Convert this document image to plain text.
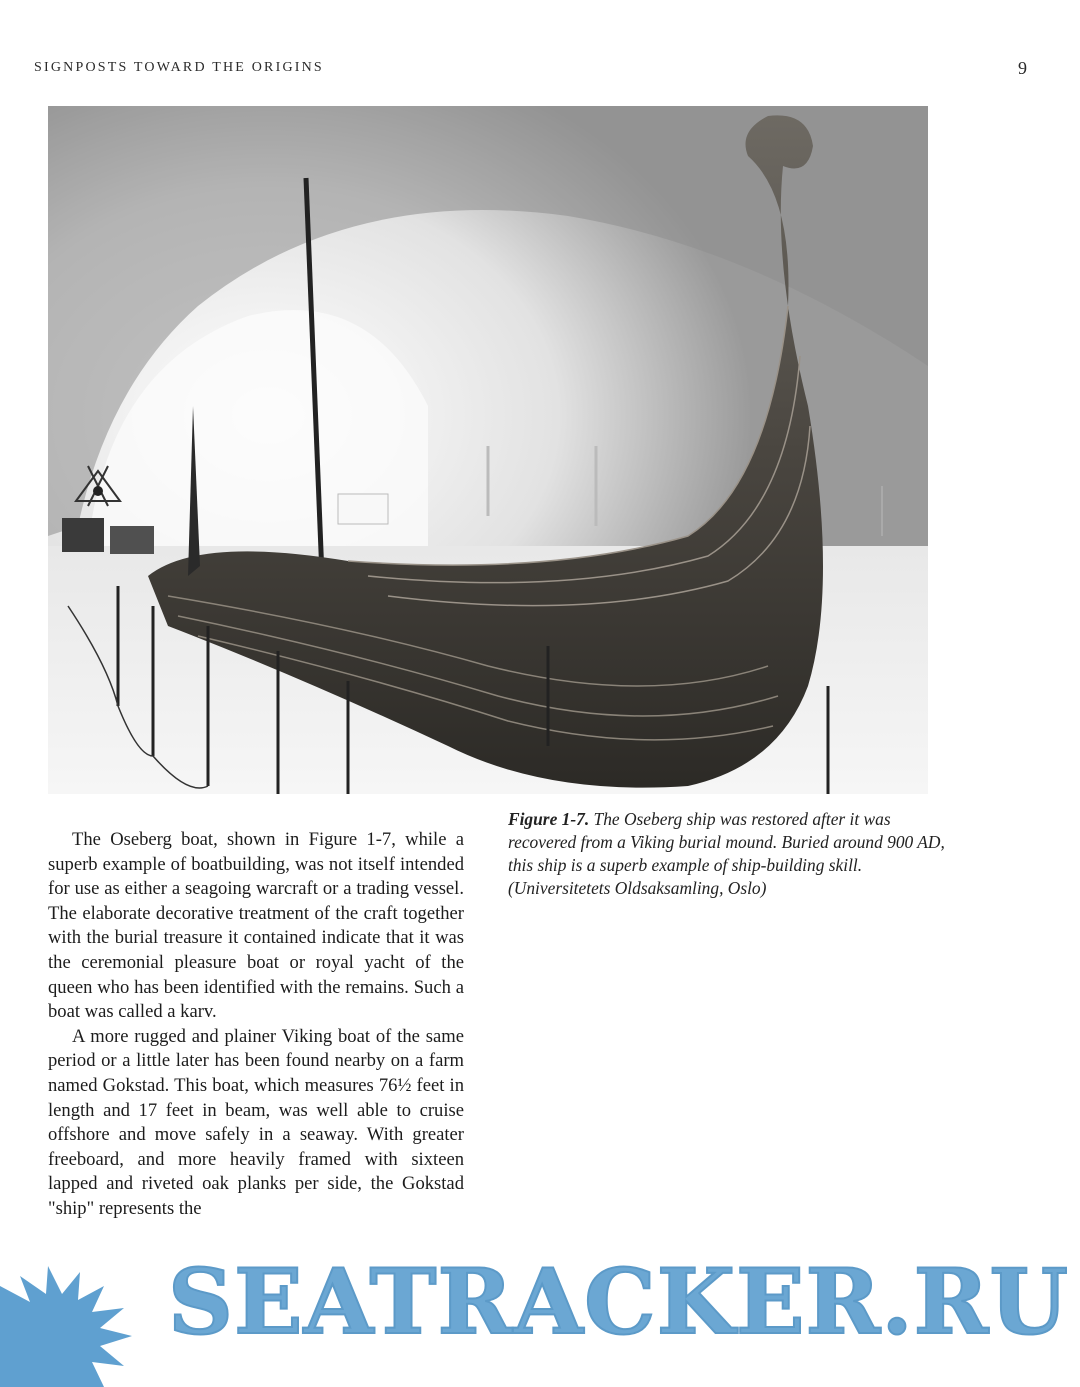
SIGNPOSTS TOWARD THE ORIGINS	9
Figure 1-7. The Oseberg ship was restored after it was recovered from a Viking burial mound. Buried around 900 AD, this ship is a superb example of ship-building skill. (Universitetets Oldsaksamling, Oslo)

The Oseberg boat, shown in Figure 1-7, while a superb example of boatbuilding, was not itself intended for use as either a seagoing warcraft or a trading vessel. The elaborate decorative treatment of the craft together with the burial treasure it contained indicate that it was the ceremonial pleasure boat or royal yacht of the queen who has been identified with the remains. Such a boat was called a karv.

A more rugged and plainer Viking boat of the same period or a little later has been found nearby on a farm named Gokstad. This boat, which measures 76½ feet in length and 17 feet in beam, was well able to cruise offshore and move safely in a seaway. With greater freeboard, and more heavily framed with sixteen lapped and riveted oak planks per side, the Gokstad "ship" represents the

SEATRACKER.RU
